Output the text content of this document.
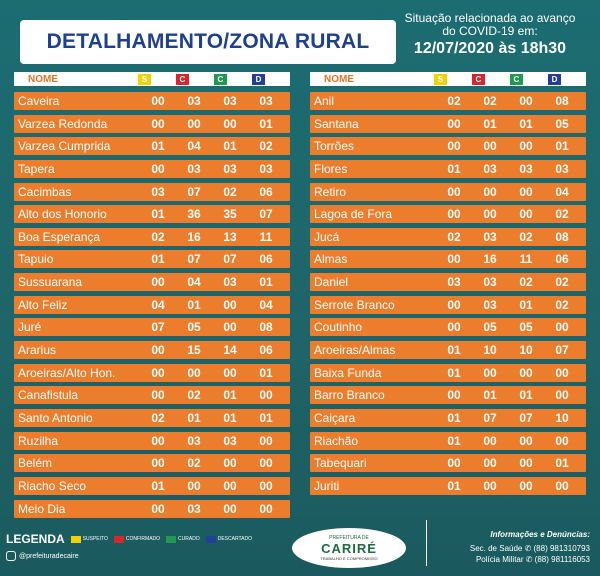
DETALHAMENTO/ZONA RURAL
Situação relacionada ao avanço
do COVID-19 em:
12/07/2020 às 18h30
NOME	S	C	C	D
Caveira	00	03	03	03
Varzea Redonda	00	00	00	01
Varzea Cumprida	01	04	01	02
Tapera	00	03	03	03
Cacimbas	03	07	02	06
Alto dos Honorio	01	36	35	07
Boa Esperança	02	16	13	11
Tapuio	01	07	07	06
Sussuarana	00	04	03	01
Alto Feliz	04	01	00	04
Juré	07	05	00	08
Ararius	00	15	14	06
Aroeiras/Alto Hon.	00	00	00	01
Canafistula	00	02	01	00
Santo Antonio	02	01	01	01
Ruzilha	00	03	03	00
Belém	00	02	00	00
Riacho Seco	01	00	00	00
Meio Dia	00	03	00	00
NOME	S	C	C	D
Anil	02	02	00	08
Santana	00	01	01	05
Torrões	00	00	00	01
Flores	01	03	03	03
Retiro	00	00	00	04
Lagoa de Fora	00	00	00	02
Jucá	02	03	02	08
Almas	00	16	11	06
Daniel	03	03	02	02
Serrote Branco	00	03	01	02
Coutinho	00	05	05	00
Aroeiras/Almas	01	10	10	07
Baixa Funda	01	00	00	00
Barro Branco	00	01	01	00
Caiçara	01	07	07	10
Riachão	01	00	00	00
Tabequari	00	00	00	01
Juriti	01	00	00	00
LEGENDA	SUSPEITO	CONFIRMADO	CURADO	DESCARTADO
@prefeituradecaire
PREFEITURA DE
CARIRÉ
TRABALHO E COMPROMISSO
Informações e Denúncias:
Sec. de Saúde ✆ (88) 981310793
Polícia Militar ✆ (88) 981116053
